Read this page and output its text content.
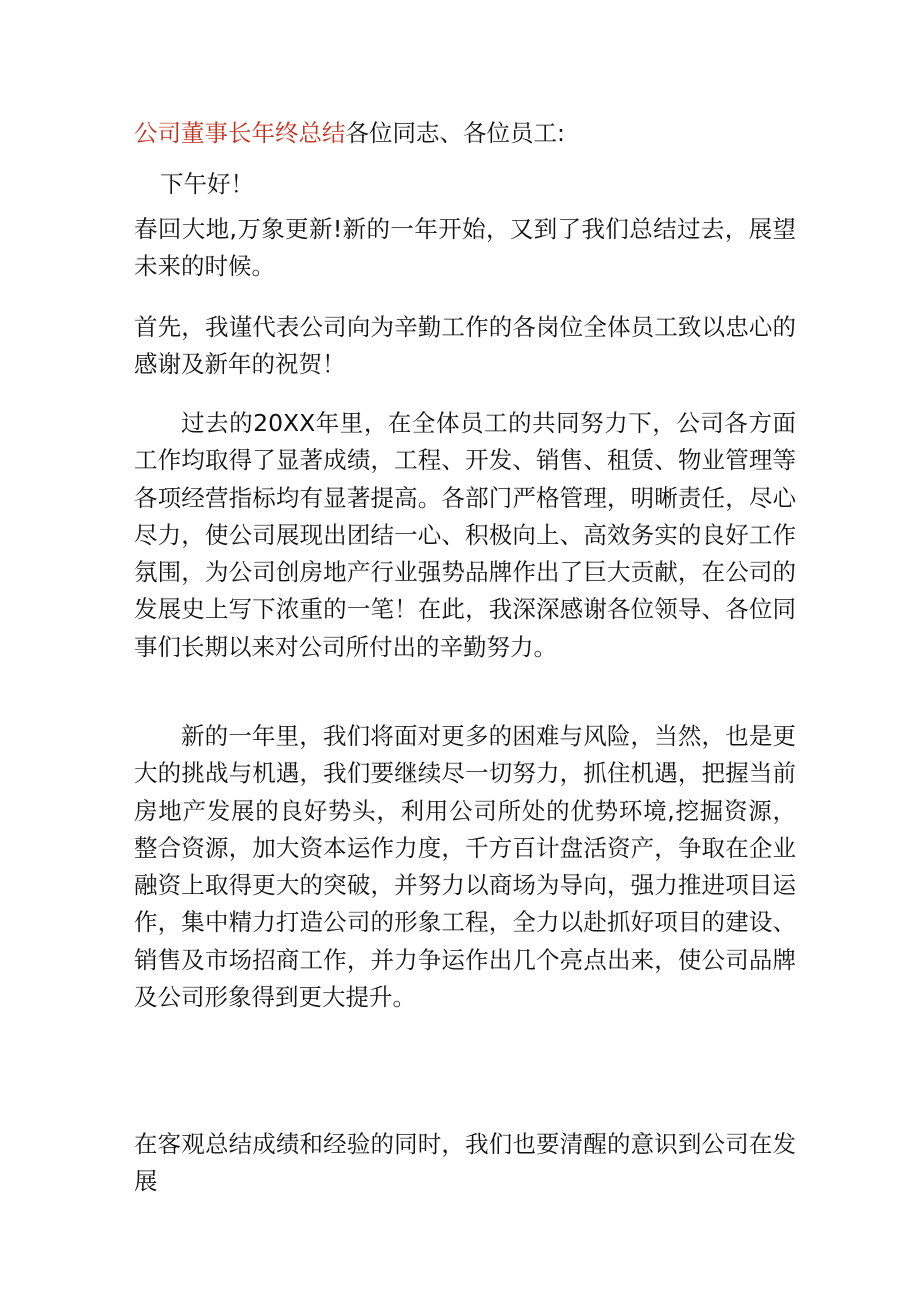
公司董事长年终总结各位同志、各位员工:

下午好！

春回大地,万象更新!新的一年开始，又到了我们总结过去，展望未来的时候。

首先，我谨代表公司向为辛勤工作的各岗位全体员工致以忠心的感谢及新年的祝贺！

过去的20XX年里，在全体员工的共同努力下，公司各方面工作均取得了显著成绩，工程、开发、销售、租赁、物业管理等各项经营指标均有显著提高。各部门严格管理，明晰责任，尽心尽力，使公司展现出团结一心、积极向上、高效务实的良好工作氛围，为公司创房地产行业强势品牌作出了巨大贡献，在公司的发展史上写下浓重的一笔！在此，我深深感谢各位领导、各位同事们长期以来对公司所付出的辛勤努力。

新的一年里，我们将面对更多的困难与风险，当然，也是更大的挑战与机遇，我们要继续尽一切努力，抓住机遇，把握当前房地产发展的良好势头，利用公司所处的优势环境,挖掘资源，整合资源，加大资本运作力度，千方百计盘活资产，争取在企业融资上取得更大的突破，并努力以商场为导向，强力推进项目运作，集中精力打造公司的形象工程，全力以赴抓好项目的建设、销售及市场招商工作，并力争运作出几个亮点出来，使公司品牌及公司形象得到更大提升。

在客观总结成绩和经验的同时，我们也要清醒的意识到公司在发展
